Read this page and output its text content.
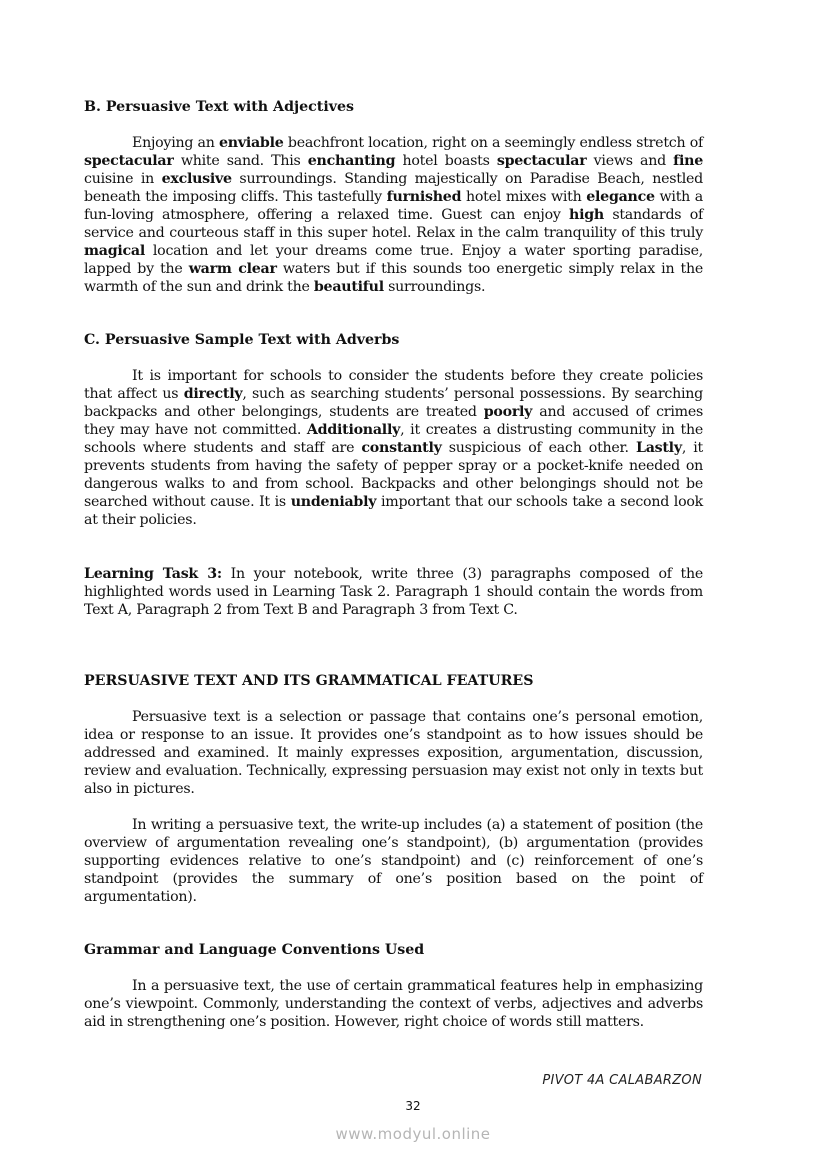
B. Persuasive Text with Adjectives
Enjoying an enviable beachfront location, right on a seemingly endless stretch of spectacular white sand. This enchanting hotel boasts spectacular views and fine cuisine in exclusive surroundings. Standing majestically on Paradise Beach, nestled beneath the imposing cliffs. This tastefully furnished hotel mixes with elegance with a fun-loving atmosphere, offering a relaxed time. Guest can enjoy high standards of service and courteous staff in this super hotel. Relax in the calm tranquility of this truly magical location and let your dreams come true. Enjoy a water sporting paradise, lapped by the warm clear waters but if this sounds too energetic simply relax in the warmth of the sun and drink the beautiful surroundings.
C. Persuasive Sample Text with Adverbs
It is important for schools to consider the students before they create policies that affect us directly, such as searching students’ personal possessions. By searching backpacks and other belongings, students are treated poorly and accused of crimes they may have not committed. Additionally, it creates a distrusting community in the schools where students and staff are constantly suspicious of each other. Lastly, it prevents students from having the safety of pepper spray or a pocket-knife needed on dangerous walks to and from school. Backpacks and other belongings should not be searched without cause. It is undeniably important that our schools take a second look at their policies.
Learning Task 3: In your notebook, write three (3) paragraphs composed of the highlighted words used in Learning Task 2. Paragraph 1 should contain the words from Text A, Paragraph 2 from Text B and Paragraph 3 from Text C.
PERSUASIVE TEXT AND ITS GRAMMATICAL FEATURES
Persuasive text is a selection or passage that contains one’s personal emotion, idea or response to an issue. It provides one’s standpoint as to how issues should be addressed and examined. It mainly expresses exposition, argumentation, discussion, review and evaluation. Technically, expressing persuasion may exist not only in texts but also in pictures.
In writing a persuasive text, the write-up includes (a) a statement of position (the overview of argumentation revealing one’s standpoint), (b) argumentation (provides supporting evidences relative to one’s standpoint) and (c) reinforcement of one’s standpoint (provides the summary of one’s position based on the point of argumentation).
Grammar and Language Conventions Used
In a persuasive text, the use of certain grammatical features help in emphasizing one’s viewpoint. Commonly, understanding the context of verbs, adjectives and adverbs aid in strengthening one’s position. However, right choice of words still matters.
PIVOT 4A CALABARZON
32
www.modyul.online
